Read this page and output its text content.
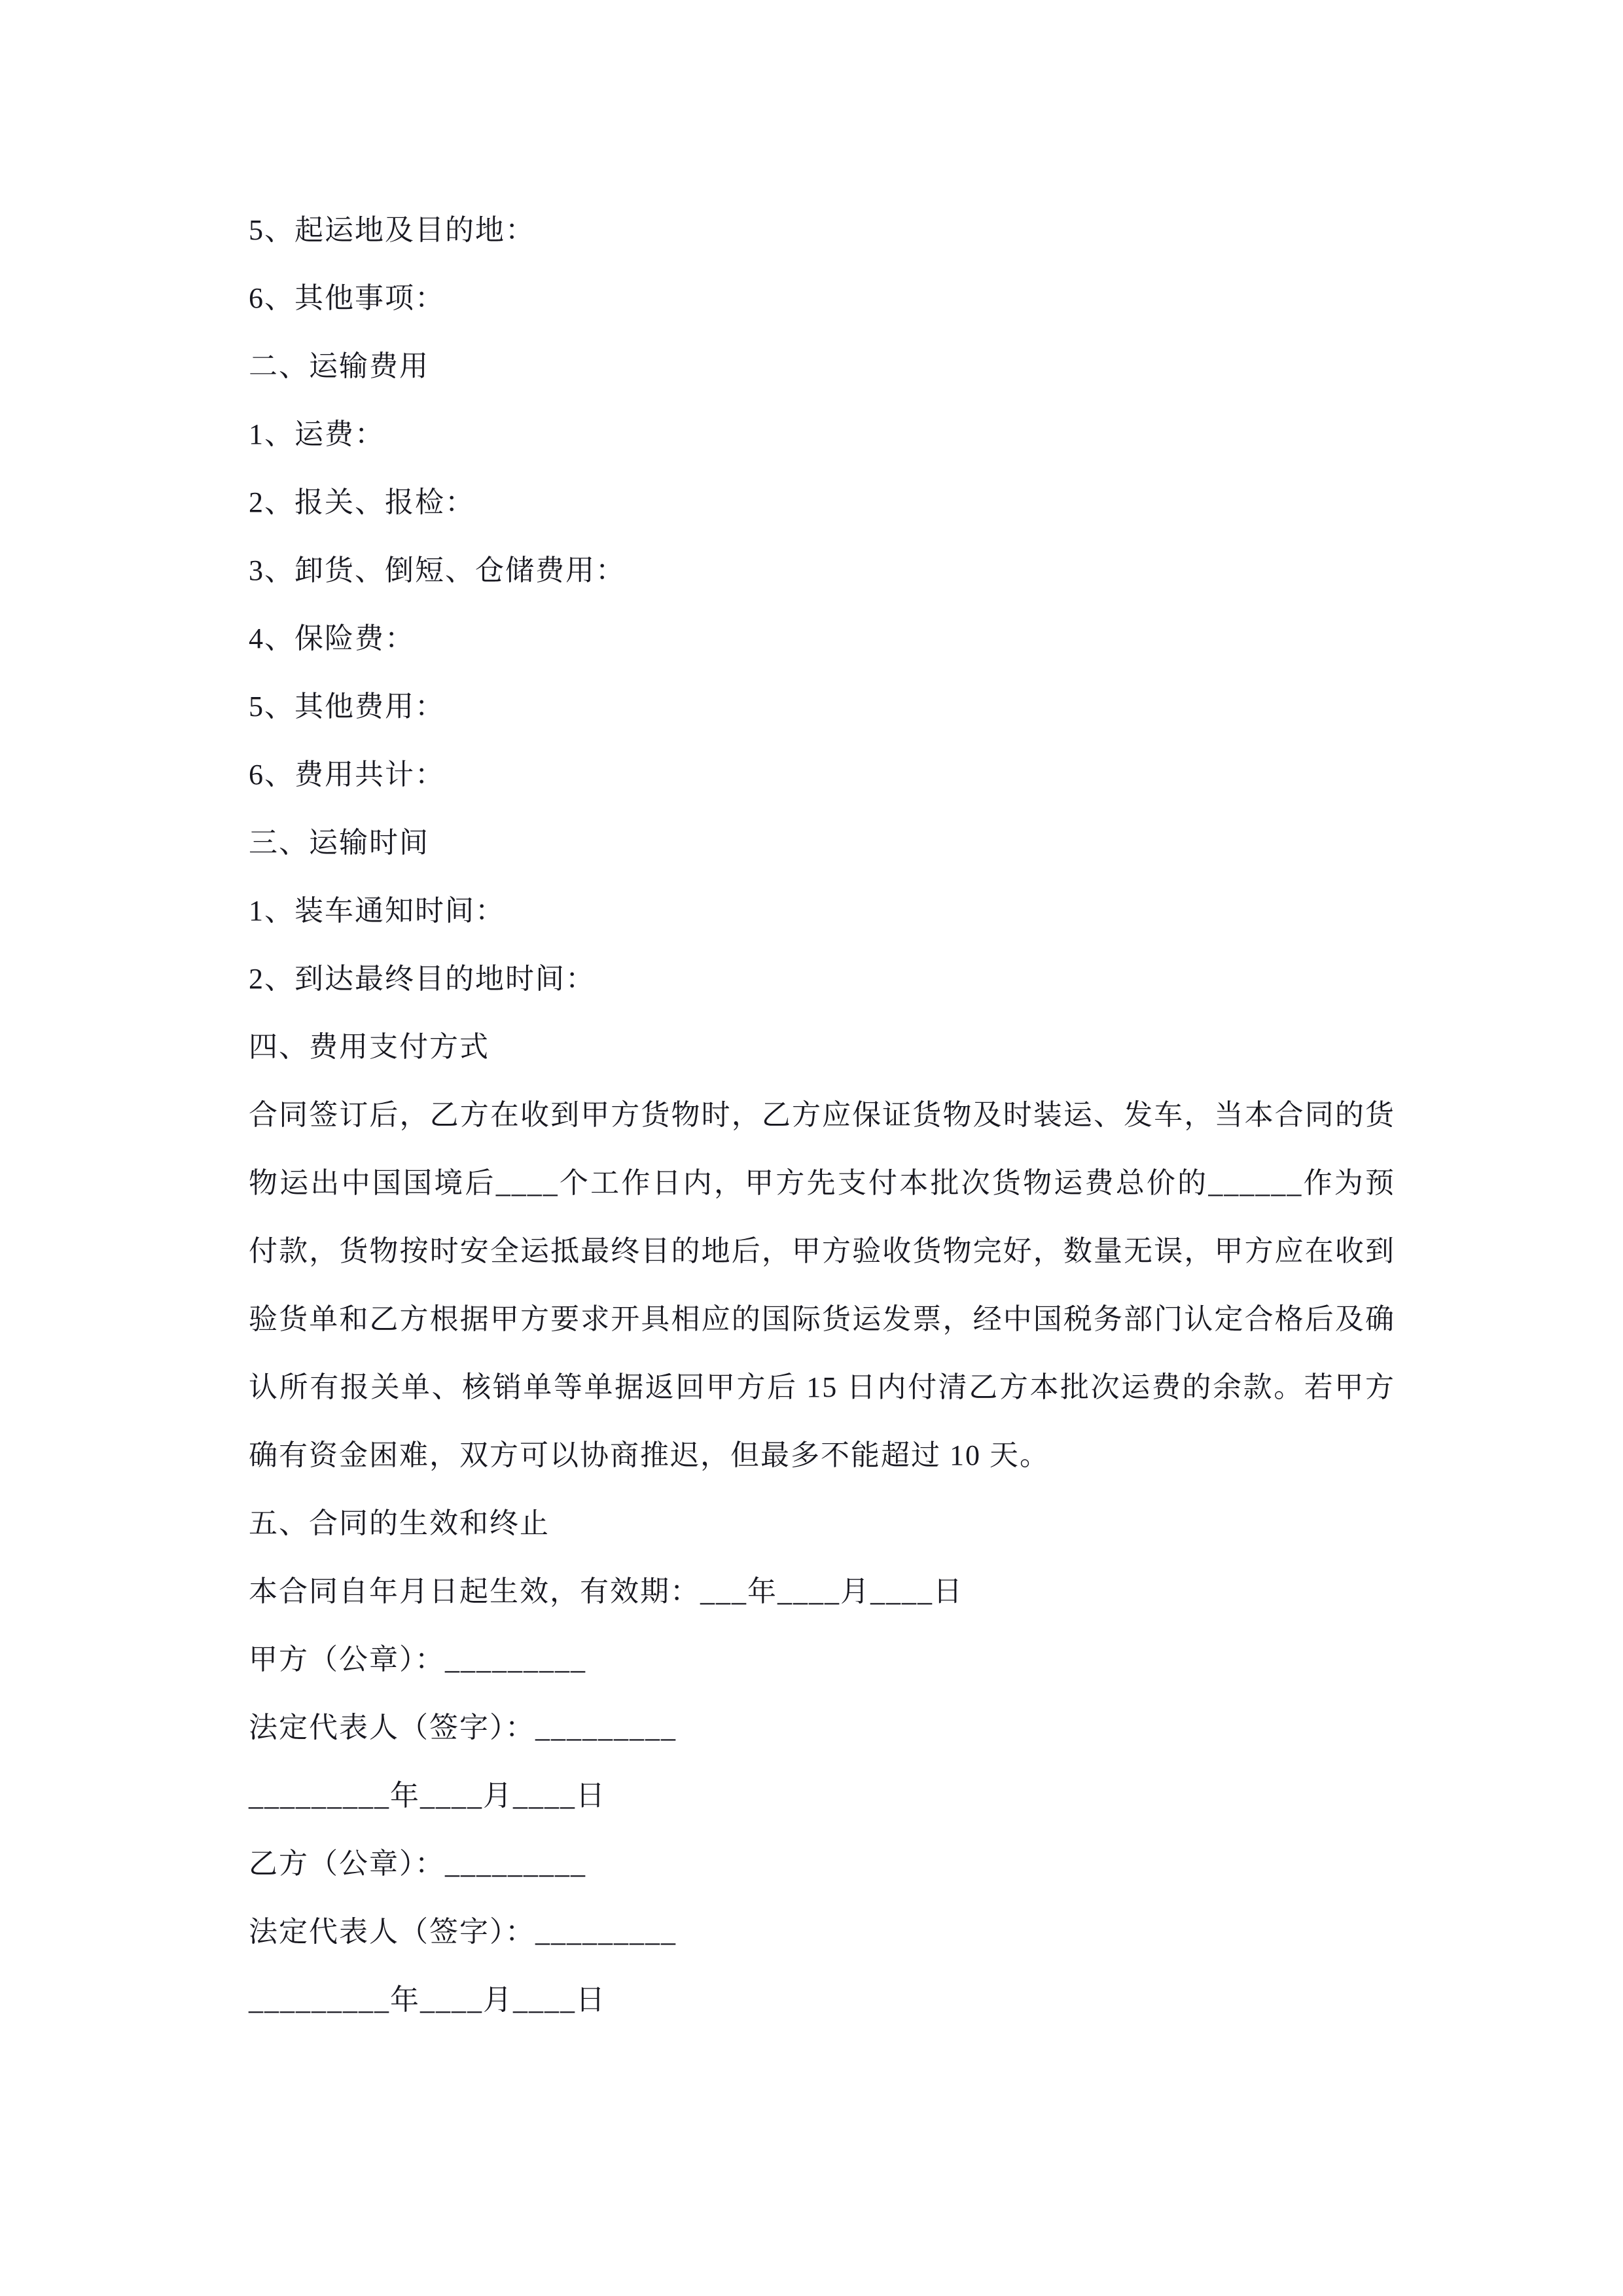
5、起运地及目的地：

6、其他事项：

二、运输费用

1、运费：

2、报关、报检：

3、卸货、倒短、仓储费用：

4、保险费：

5、其他费用：

6、费用共计：

三、运输时间

1、装车通知时间：

2、到达最终目的地时间：

四、费用支付方式

合同签订后，乙方在收到甲方货物时，乙方应保证货物及时装运、发车，当本合同的货物运出中国国境后____个工作日内，甲方先支付本批次货物运费总价的______作为预付款，货物按时安全运抵最终目的地后，甲方验收货物完好，数量无误，甲方应在收到验货单和乙方根据甲方要求开具相应的国际货运发票，经中国税务部门认定合格后及确认所有报关单、核销单等单据返回甲方后 15 日内付清乙方本批次运费的余款。若甲方确有资金困难，双方可以协商推迟，但最多不能超过 10 天。

五、合同的生效和终止

本合同自年月日起生效，有效期：___年____月____日

甲方（公章）：_________

法定代表人（签字）：_________

_________年____月____日

乙方（公章）：_________

法定代表人（签字）：_________

_________年____月____日
